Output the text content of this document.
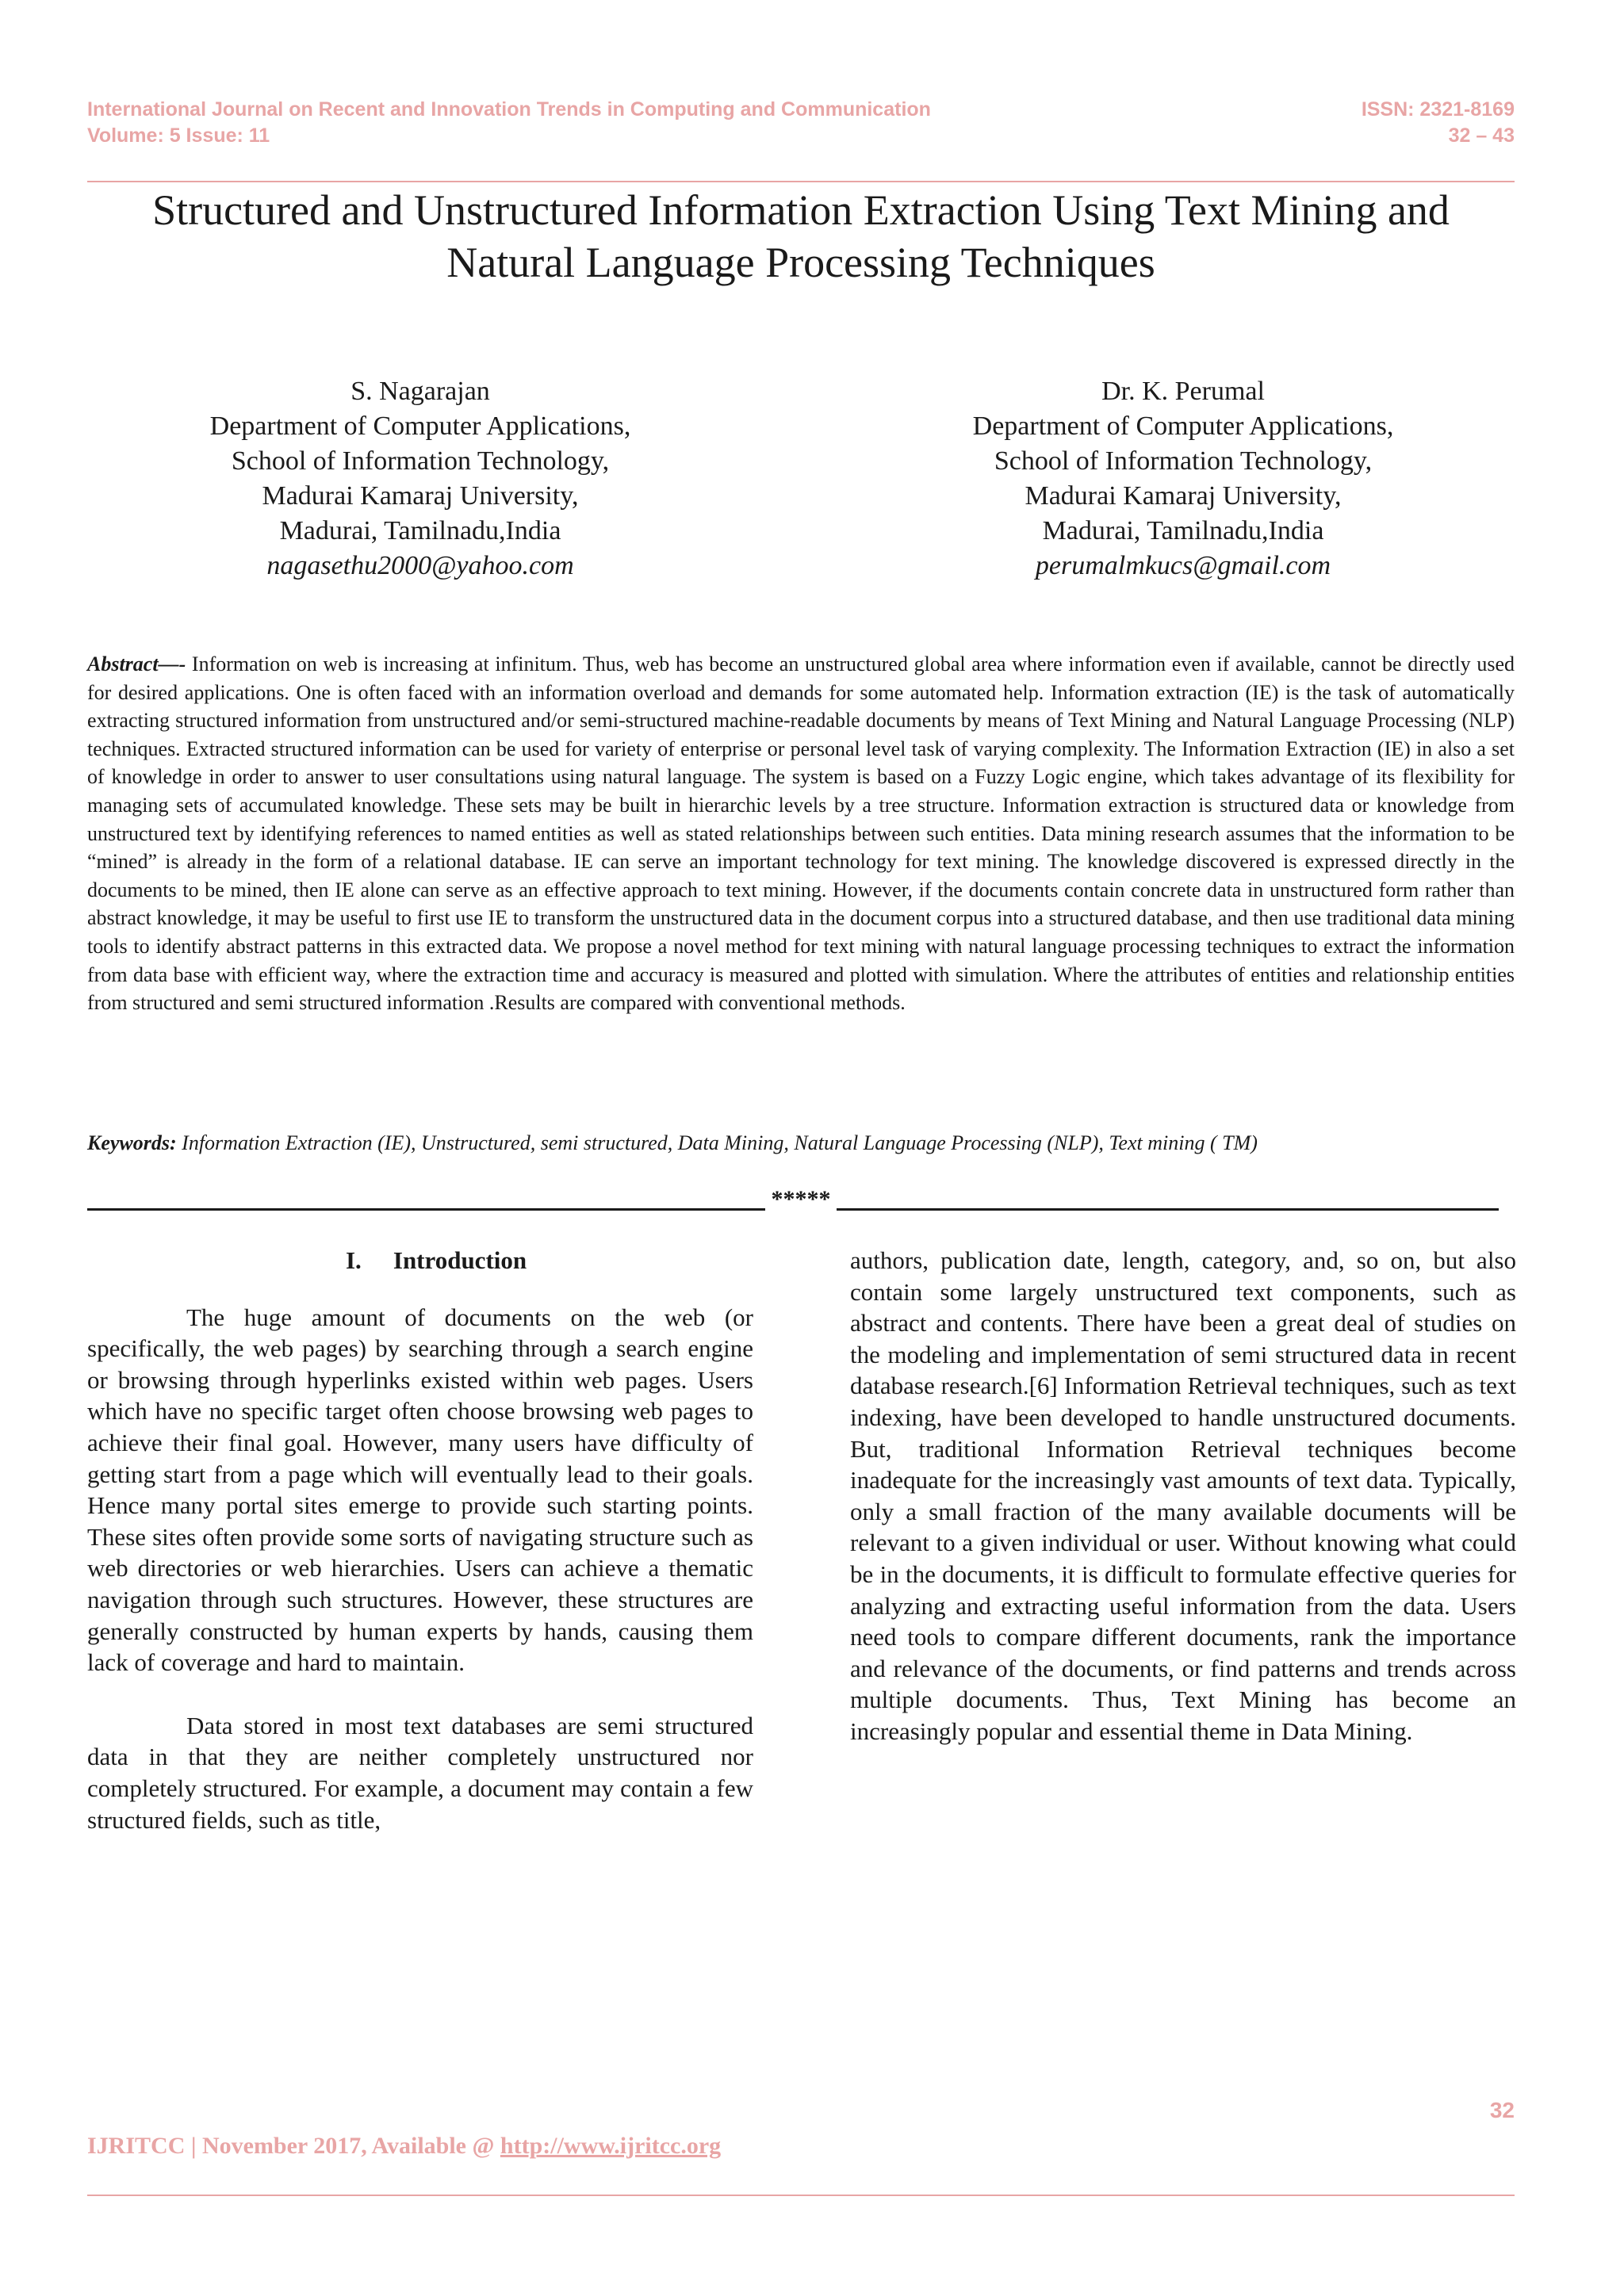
International Journal on Recent and Innovation Trends in Computing and Communication
Volume: 5 Issue: 11
ISSN: 2321-8169
32 – 43
Structured and Unstructured Information Extraction Using Text Mining and
Natural Language Processing Techniques
S. Nagarajan
Department of Computer Applications,
School of Information Technology,
Madurai Kamaraj University,
Madurai, Tamilnadu,India
nagasethu2000@yahoo.com
Dr. K. Perumal
Department of Computer Applications,
School of Information Technology,
Madurai Kamaraj University,
Madurai, Tamilnadu,India
perumalmkucs@gmail.com
Abstract—- Information on web is increasing at infinitum. Thus, web has become an unstructured global area where information even if available, cannot be directly used for desired applications. One is often faced with an information overload and demands for some automated help. Information extraction (IE) is the task of automatically extracting structured information from unstructured and/or semi-structured machine-readable documents by means of Text Mining and Natural Language Processing (NLP) techniques. Extracted structured information can be used for variety of enterprise or personal level task of varying complexity. The Information Extraction (IE) in also a set of knowledge in order to answer to user consultations using natural language. The system is based on a Fuzzy Logic engine, which takes advantage of its flexibility for managing sets of accumulated knowledge. These sets may be built in hierarchic levels by a tree structure. Information extraction is structured data or knowledge from unstructured text by identifying references to named entities as well as stated relationships between such entities. Data mining research assumes that the information to be “mined” is already in the form of a relational database. IE can serve an important technology for text mining. The knowledge discovered is expressed directly in the documents to be mined, then IE alone can serve as an effective approach to text mining. However, if the documents contain concrete data in unstructured form rather than abstract knowledge, it may be useful to first use IE to transform the unstructured data in the document corpus into a structured database, and then use traditional data mining tools to identify abstract patterns in this extracted data. We propose a novel method for text mining with natural language processing techniques to extract the information from data base with efficient way, where the extraction time and accuracy is measured and plotted with simulation. Where the attributes of entities and relationship entities from structured and semi structured information .Results are compared with conventional methods.
Keywords: Information Extraction (IE), Unstructured, semi structured, Data Mining, Natural Language Processing (NLP), Text mining ( TM)
*****
I. Introduction

The huge amount of documents on the web (or specifically, the web pages) by searching through a search engine or browsing through hyperlinks existed within web pages. Users which have no specific target often choose browsing web pages to achieve their final goal. However, many users have difficulty of getting start from a page which will eventually lead to their goals. Hence many portal sites emerge to provide such starting points. These sites often provide some sorts of navigating structure such as web directories or web hierarchies. Users can achieve a thematic navigation through such structures. However, these structures are generally constructed by human experts by hands, causing them lack of coverage and hard to maintain.

Data stored in most text databases are semi structured data in that they are neither completely unstructured nor completely structured. For example, a document may contain a few structured fields, such as title,

authors, publication date, length, category, and, so on, but also contain some largely unstructured text components, such as abstract and contents. There have been a great deal of studies on the modeling and implementation of semi structured data in recent database research.[6] Information Retrieval techniques, such as text indexing, have been developed to handle unstructured documents. But, traditional Information Retrieval techniques become inadequate for the increasingly vast amounts of text data. Typically, only a small fraction of the many available documents will be relevant to a given individual or user. Without knowing what could be in the documents, it is difficult to formulate effective queries for analyzing and extracting useful information from the data. Users need tools to compare different documents, rank the importance and relevance of the documents, or find patterns and trends across multiple documents. Thus, Text Mining has become an increasingly popular and essential theme in Data Mining.

32
IJRITCC | November 2017, Available @ http://www.ijritcc.org
